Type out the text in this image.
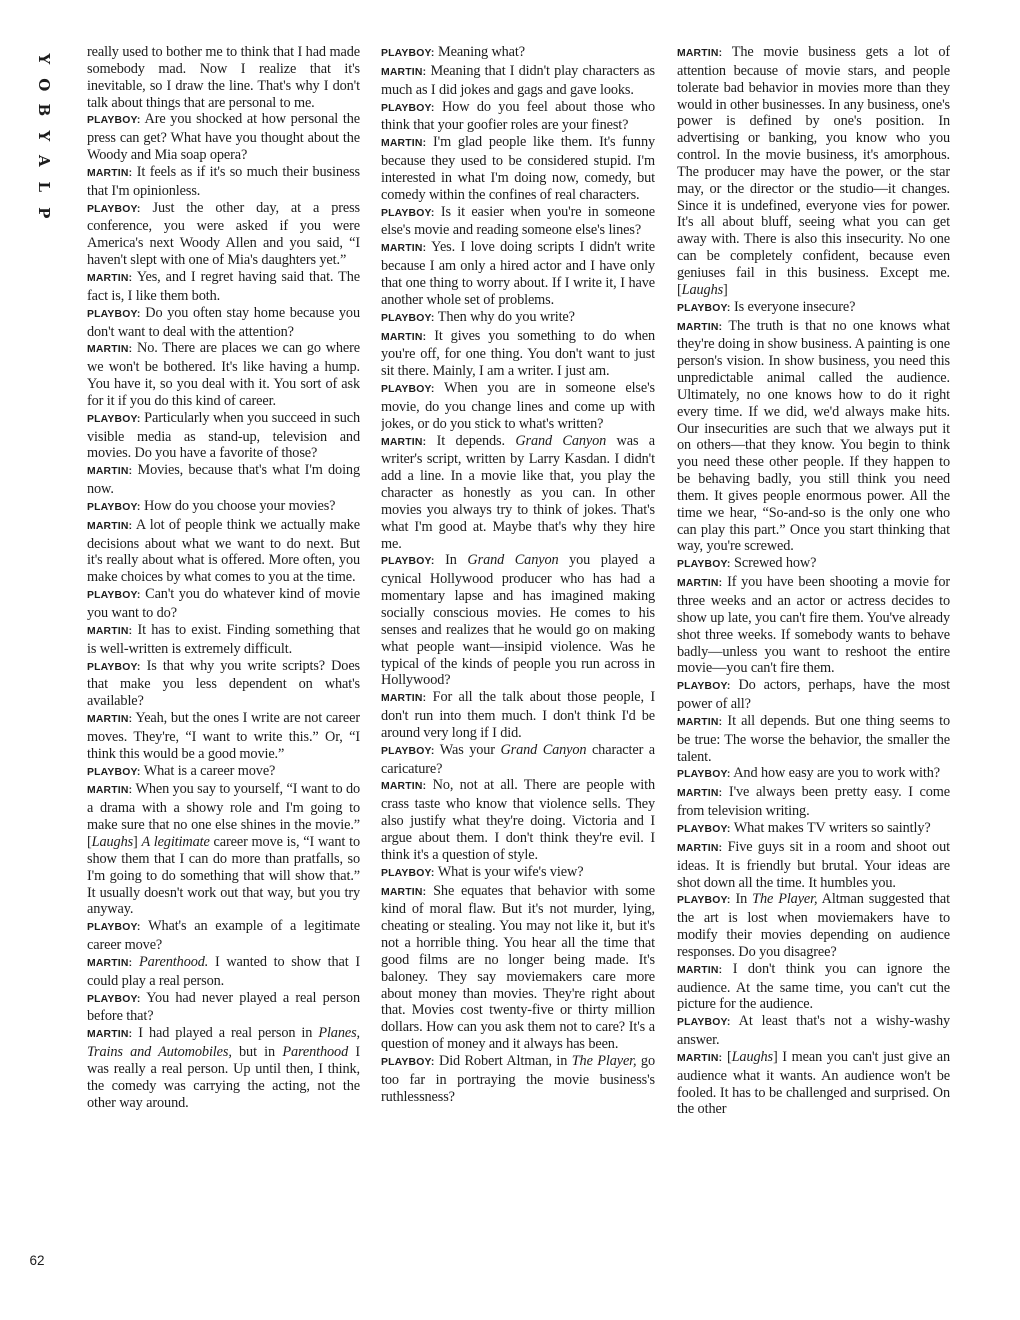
Y
O
B
Y
A
L
P
62

really used to bother me to think that I had made somebody mad. Now I realize that it's inevitable, so I draw the line. That's why I don't talk about things that are personal to me.

PLAYBOY: Are you shocked at how personal the press can get? What have you thought about the Woody and Mia soap opera?

MARTIN: It feels as if it's so much their business that I'm opinionless.

PLAYBOY: Just the other day, at a press conference, you were asked if you were America's next Woody Allen and you said, “I haven't slept with one of Mia's daughters yet.”

MARTIN: Yes, and I regret having said that. The fact is, I like them both.

PLAYBOY: Do you often stay home because you don't want to deal with the attention?

MARTIN: No. There are places we can go where we won't be bothered. It's like having a hump. You have it, so you deal with it. You sort of ask for it if you do this kind of career.

PLAYBOY: Particularly when you succeed in such visible media as stand-up, television and movies. Do you have a favorite of those?

MARTIN: Movies, because that's what I'm doing now.

PLAYBOY: How do you choose your movies?

MARTIN: A lot of people think we actually make decisions about what we want to do next. But it's really about what is offered. More often, you make choices by what comes to you at the time.

PLAYBOY: Can't you do whatever kind of movie you want to do?

MARTIN: It has to exist. Finding something that is well-written is extremely difficult.

PLAYBOY: Is that why you write scripts? Does that make you less dependent on what's available?

MARTIN: Yeah, but the ones I write are not career moves. They're, “I want to write this.” Or, “I think this would be a good movie.”

PLAYBOY: What is a career move?

MARTIN: When you say to yourself, “I want to do a drama with a showy role and I'm going to make sure that no one else shines in the movie.” [Laughs] A legitimate career move is, “I want to show them that I can do more than pratfalls, so I'm going to do something that will show that.” It usually doesn't work out that way, but you try anyway.

PLAYBOY: What's an example of a legitimate career move?

MARTIN: Parenthood. I wanted to show that I could play a real person.

PLAYBOY: You had never played a real person before that?

MARTIN: I had played a real person in Planes, Trains and Automobiles, but in Parenthood I was really a real person. Up until then, I think, the comedy was carrying the acting, not the other way around.

PLAYBOY: Meaning what?

MARTIN: Meaning that I didn't play characters as much as I did jokes and gags and gave looks.

PLAYBOY: How do you feel about those who think that your goofier roles are your finest?

MARTIN: I'm glad people like them. It's funny because they used to be considered stupid. I'm interested in what I'm doing now, comedy, but comedy within the confines of real characters.

PLAYBOY: Is it easier when you're in someone else's movie and reading someone else's lines?

MARTIN: Yes. I love doing scripts I didn't write because I am only a hired actor and I have only that one thing to worry about. If I write it, I have another whole set of problems.

PLAYBOY: Then why do you write?

MARTIN: It gives you something to do when you're off, for one thing. You don't want to just sit there. Mainly, I am a writer. I just am.

PLAYBOY: When you are in someone else's movie, do you change lines and come up with jokes, or do you stick to what's written?

MARTIN: It depends. Grand Canyon was a writer's script, written by Larry Kasdan. I didn't add a line. In a movie like that, you play the character as honestly as you can. In other movies you always try to think of jokes. That's what I'm good at. Maybe that's why they hire me.

PLAYBOY: In Grand Canyon you played a cynical Hollywood producer who has had a momentary lapse and has imagined making socially conscious movies. He comes to his senses and realizes that he would go on making what people want—insipid violence. Was he typical of the kinds of people you run across in Hollywood?

MARTIN: For all the talk about those people, I don't run into them much. I don't think I'd be around very long if I did.

PLAYBOY: Was your Grand Canyon character a caricature?

MARTIN: No, not at all. There are people with crass taste who know that violence sells. They also justify what they're doing. Victoria and I argue about them. I don't think they're evil. I think it's a question of style.

PLAYBOY: What is your wife's view?

MARTIN: She equates that behavior with some kind of moral flaw. But it's not murder, lying, cheating or stealing. You may not like it, but it's not a horrible thing. You hear all the time that good films are no longer being made. It's baloney. They say moviemakers care more about money than movies. They're right about that. Movies cost twenty-five or thirty million dollars. How can you ask them not to care? It's a question of money and it always has been.

PLAYBOY: Did Robert Altman, in The Player, go too far in portraying the movie business's ruthlessness?

MARTIN: The movie business gets a lot of attention because of movie stars, and people tolerate bad behavior in movies more than they would in other businesses. In any business, one's power is defined by one's position. In advertising or banking, you know who you control. In the movie business, it's amorphous. The producer may have the power, or the star may, or the director or the studio—it changes. Since it is undefined, everyone vies for power. It's all about bluff, seeing what you can get away with. There is also this insecurity. No one can be completely confident, because even geniuses fail in this business. Except me. [Laughs]

PLAYBOY: Is everyone insecure?

MARTIN: The truth is that no one knows what they're doing in show business. A painting is one person's vision. In show business, you need this unpredictable animal called the audience. Ultimately, no one knows how to do it right every time. If we did, we'd always make hits. Our insecurities are such that we always put it on others—that they know. You begin to think you need these other people. If they happen to be behaving badly, you still think you need them. It gives people enormous power. All the time we hear, “So-and-so is the only one who can play this part.” Once you start thinking that way, you're screwed.

PLAYBOY: Screwed how?

MARTIN: If you have been shooting a movie for three weeks and an actor or actress decides to show up late, you can't fire them. You've already shot three weeks. If somebody wants to behave badly—unless you want to reshoot the entire movie—you can't fire them.

PLAYBOY: Do actors, perhaps, have the most power of all?

MARTIN: It all depends. But one thing seems to be true: The worse the behavior, the smaller the talent.

PLAYBOY: And how easy are you to work with?

MARTIN: I've always been pretty easy. I come from television writing.

PLAYBOY: What makes TV writers so saintly?

MARTIN: Five guys sit in a room and shoot out ideas. It is friendly but brutal. Your ideas are shot down all the time. It humbles you.

PLAYBOY: In The Player, Altman suggested that the art is lost when moviemakers have to modify their movies depending on audience responses. Do you disagree?

MARTIN: I don't think you can ignore the audience. At the same time, you can't cut the picture for the audience.

PLAYBOY: At least that's not a wishy-washy answer.

MARTIN: [Laughs] I mean you can't just give an audience what it wants. An audience won't be fooled. It has to be challenged and surprised. On the other
